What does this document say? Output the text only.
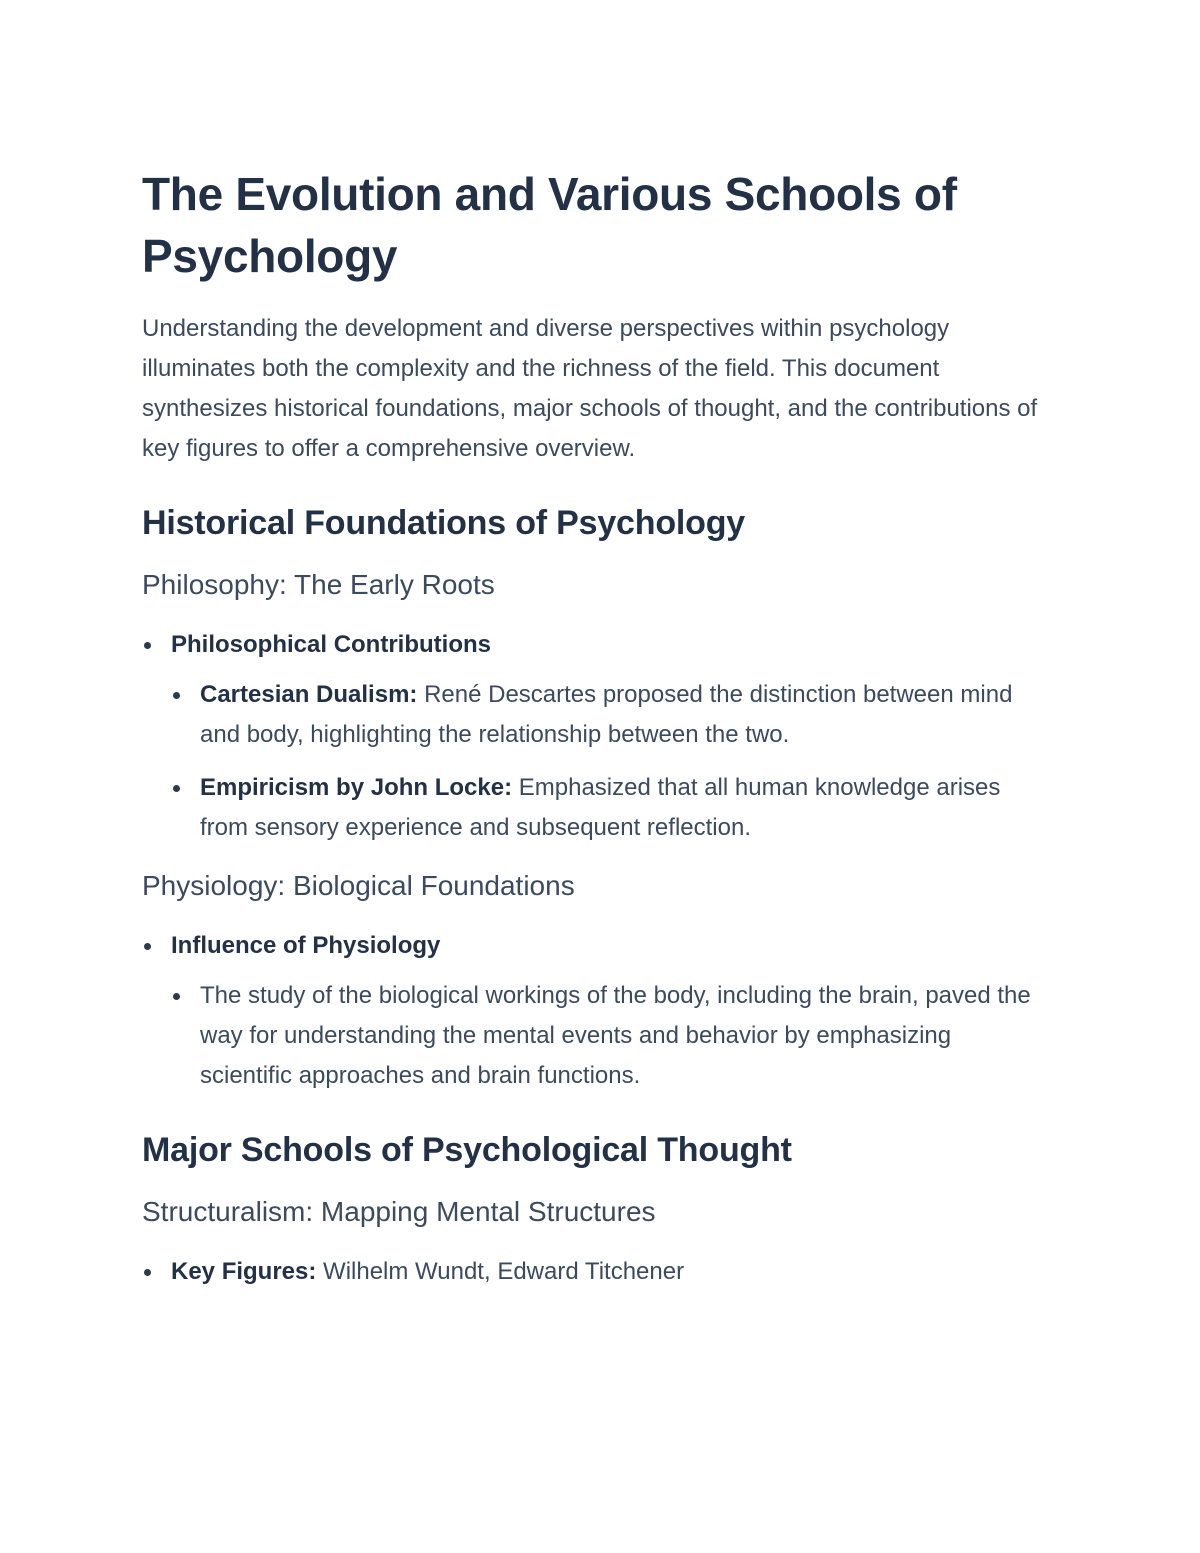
The Evolution and Various Schools of Psychology

Understanding the development and diverse perspectives within psychology illuminates both the complexity and the richness of the field. This document synthesizes historical foundations, major schools of thought, and the contributions of key figures to offer a comprehensive overview.

Historical Foundations of Psychology
Philosophy: The Early Roots
Philosophical Contributions
Cartesian Dualism: René Descartes proposed the distinction between mind and body, highlighting the relationship between the two.
Empiricism by John Locke: Emphasized that all human knowledge arises from sensory experience and subsequent reflection.
Physiology: Biological Foundations
Influence of Physiology
The study of the biological workings of the body, including the brain, paved the way for understanding the mental events and behavior by emphasizing scientific approaches and brain functions.
Major Schools of Psychological Thought
Structuralism: Mapping Mental Structures
Key Figures: Wilhelm Wundt, Edward Titchener
